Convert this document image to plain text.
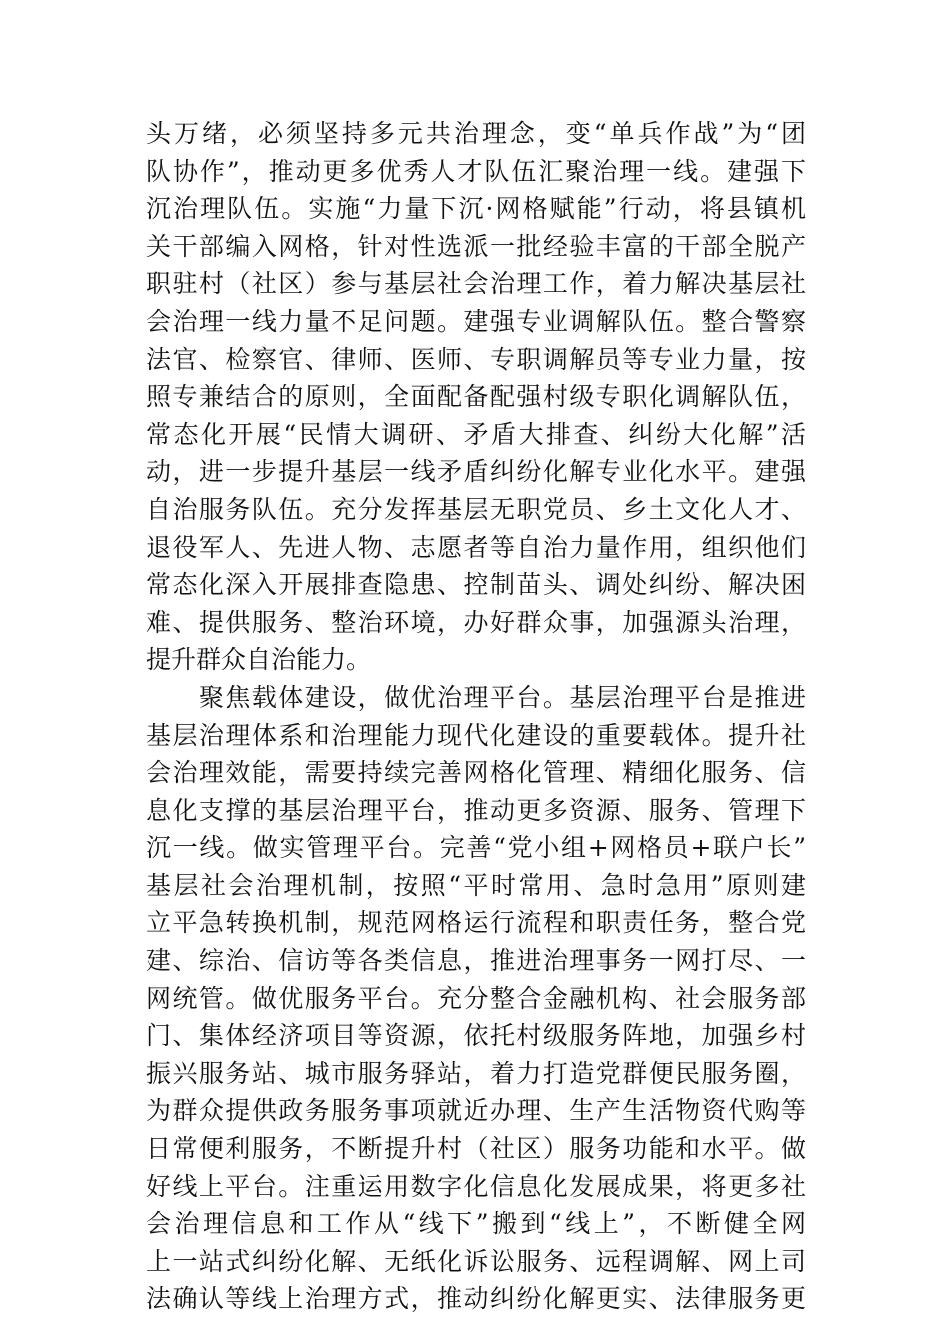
头万绪，必须坚持多元共治理念，变“单兵作战”为“团
队协作”，推动更多优秀人才队伍汇聚治理一线。建强下
沉治理队伍。实施“力量下沉·网格赋能”行动，将县镇机
关干部编入网格，针对性选派一批经验丰富的干部全脱产
职驻村（社区）参与基层社会治理工作，着力解决基层社
会治理一线力量不足问题。建强专业调解队伍。整合警察
法官、检察官、律师、医师、专职调解员等专业力量，按
照专兼结合的原则，全面配备配强村级专职化调解队伍，
常态化开展“民情大调研、矛盾大排查、纠纷大化解”活
动，进一步提升基层一线矛盾纠纷化解专业化水平。建强
自治服务队伍。充分发挥基层无职党员、乡土文化人才、
退役军人、先进人物、志愿者等自治力量作用，组织他们
常态化深入开展排查隐患、控制苗头、调处纠纷、解决困
难、提供服务、整治环境，办好群众事，加强源头治理，
提升群众自治能力。
　　聚焦载体建设，做优治理平台。基层治理平台是推进
基层治理体系和治理能力现代化建设的重要载体。提升社
会治理效能，需要持续完善网格化管理、精细化服务、信
息化支撑的基层治理平台，推动更多资源、服务、管理下
沉一线。做实管理平台。完善“党小组+网格员+联户长”
基层社会治理机制，按照“平时常用、急时急用”原则建
立平急转换机制，规范网格运行流程和职责任务，整合党
建、综治、信访等各类信息，推进治理事务一网打尽、一
网统管。做优服务平台。充分整合金融机构、社会服务部
门、集体经济项目等资源，依托村级服务阵地，加强乡村
振兴服务站、城市服务驿站，着力打造党群便民服务圈，
为群众提供政务服务事项就近办理、生产生活物资代购等
日常便利服务，不断提升村（社区）服务功能和水平。做
好线上平台。注重运用数字化信息化发展成果，将更多社
会治理信息和工作从“线下”搬到“线上”，不断健全网
上一站式纠纷化解、无纸化诉讼服务、远程调解、网上司
法确认等线上治理方式，推动纠纷化解更实、法律服务更
